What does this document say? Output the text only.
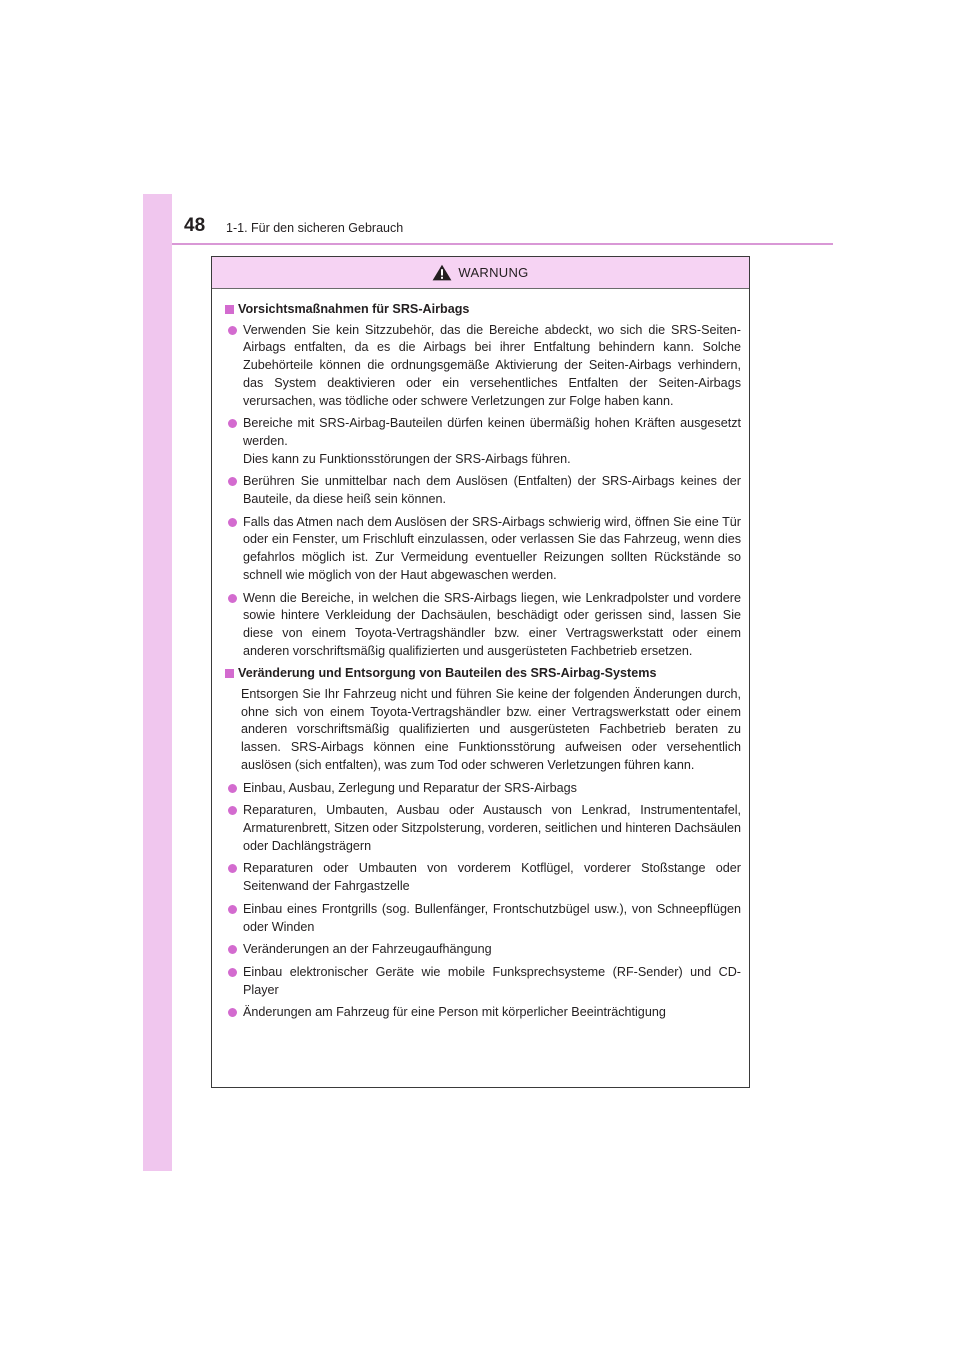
48 1-1. Für den sicheren Gebrauch
WARNUNG
Vorsichtsmaßnahmen für SRS-Airbags
Verwenden Sie kein Sitzzubehör, das die Bereiche abdeckt, wo sich die SRS-Seiten-Airbags entfalten, da es die Airbags bei ihrer Entfaltung behindern kann. Solche Zubehörteile können die ordnungsgemäße Aktivierung der Seiten-Airbags verhindern, das System deaktivieren oder ein versehentliches Entfalten der Seiten-Airbags verursachen, was tödliche oder schwere Verletzungen zur Folge haben kann.
Bereiche mit SRS-Airbag-Bauteilen dürfen keinen übermäßig hohen Kräften ausgesetzt werden.
Dies kann zu Funktionsstörungen der SRS-Airbags führen.
Berühren Sie unmittelbar nach dem Auslösen (Entfalten) der SRS-Airbags keines der Bauteile, da diese heiß sein können.
Falls das Atmen nach dem Auslösen der SRS-Airbags schwierig wird, öffnen Sie eine Tür oder ein Fenster, um Frischluft einzulassen, oder verlassen Sie das Fahrzeug, wenn dies gefahrlos möglich ist. Zur Vermeidung eventueller Reizungen sollten Rückstände so schnell wie möglich von der Haut abgewaschen werden.
Wenn die Bereiche, in welchen die SRS-Airbags liegen, wie Lenkradpolster und vordere sowie hintere Verkleidung der Dachsäulen, beschädigt oder gerissen sind, lassen Sie diese von einem Toyota-Vertragshändler bzw. einer Vertragswerkstatt oder einem anderen vorschriftsmäßig qualifizierten und ausgerüsteten Fachbetrieb ersetzen.
Veränderung und Entsorgung von Bauteilen des SRS-Airbag-Systems
Entsorgen Sie Ihr Fahrzeug nicht und führen Sie keine der folgenden Änderungen durch, ohne sich von einem Toyota-Vertragshändler bzw. einer Vertragswerkstatt oder einem anderen vorschriftsmäßig qualifizierten und ausgerüsteten Fachbetrieb beraten zu lassen. SRS-Airbags können eine Funktionsstörung aufweisen oder versehentlich auslösen (sich entfalten), was zum Tod oder schweren Verletzungen führen kann.
Einbau, Ausbau, Zerlegung und Reparatur der SRS-Airbags
Reparaturen, Umbauten, Ausbau oder Austausch von Lenkrad, Instrumententafel, Armaturenbrett, Sitzen oder Sitzpolsterung, vorderen, seitlichen und hinteren Dachsäulen oder Dachlängsträgern
Reparaturen oder Umbauten von vorderem Kotflügel, vorderer Stoßstange oder Seitenwand der Fahrgastzelle
Einbau eines Frontgrills (sog. Bullenfänger, Frontschutzbügel usw.), von Schneepflügen oder Winden
Veränderungen an der Fahrzeugaufhängung
Einbau elektronischer Geräte wie mobile Funksprechsysteme (RF-Sender) und CD-Player
Änderungen am Fahrzeug für eine Person mit körperlicher Beeinträchtigung
